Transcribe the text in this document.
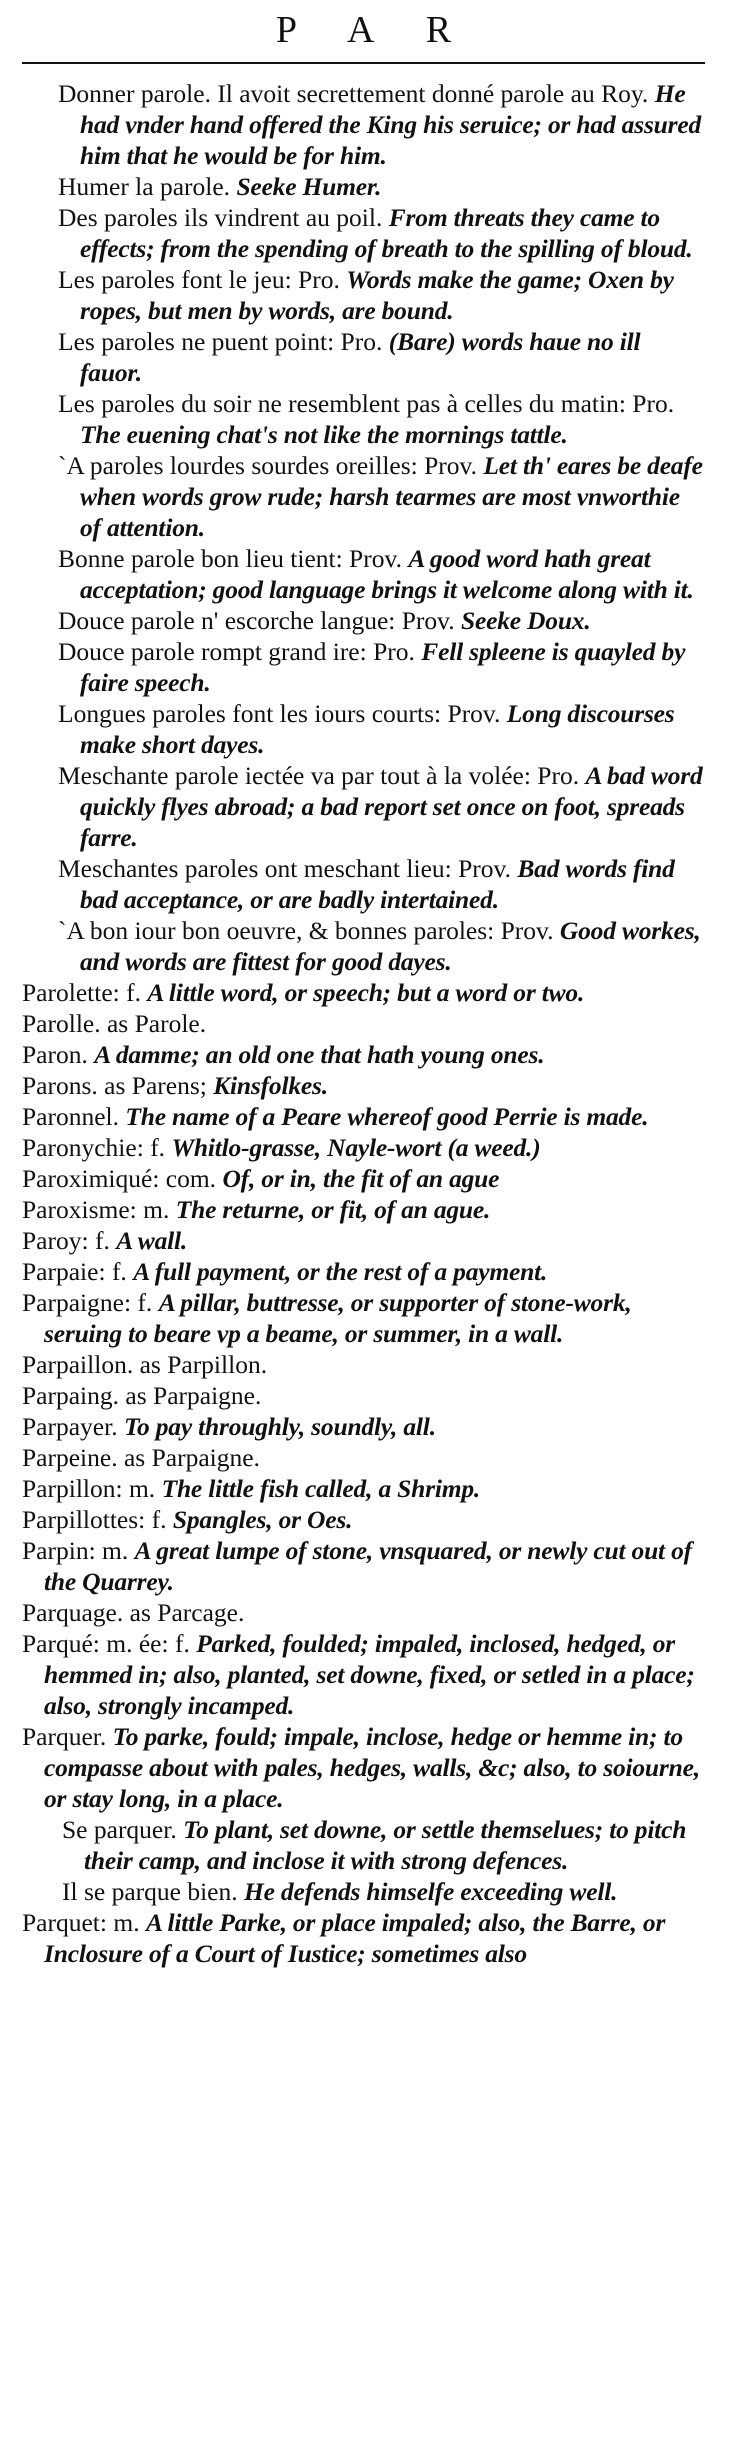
P A R
Donner parole. Il avoit secrettement donné parole au Roy. He had vnder hand offered the King his seruice; or had assured him that he would be for him.
Humer la parole. Seeke Humer.
Des paroles ils vindrent au poil. From threats they came to effects; from the spending of breath to the spilling of bloud.
Les paroles font le jeu: Pro. Words make the game; Oxen by ropes, but men by words, are bound.
Les paroles ne puent point: Pro. (Bare) words haue no ill fauor.
Les paroles du soir ne resemblent pas à celles du matin: Pro. The euening chat's not like the mornings tattle.
`A paroles lourdes sourdes oreilles: Prov. Let th' eares be deafe when words grow rude; harsh tearmes are most vnworthie of attention.
Bonne parole bon lieu tient: Prov. A good word hath great acceptation; good language brings it welcome along with it.
Douce parole n' escorche langue: Prov. Seeke Doux.
Douce parole rompt grand ire: Pro. Fell spleene is quayled by faire speech.
Longues paroles font les iours courts: Prov. Long discourses make short dayes.
Meschante parole iectée va par tout à la volée: Pro. A bad word quickly flyes abroad; a bad report set once on foot, spreads farre.
Meschantes paroles ont meschant lieu: Prov. Bad words find bad acceptance, or are badly intertained.
`A bon iour bon oeuvre, & bonnes paroles: Prov. Good workes, and words are fittest for good dayes.
Parolette: f. A little word, or speech; but a word or two.
Parolle. as Parole.
Paron. A damme; an old one that hath young ones.
Parons. as Parens; Kinsfolkes.
Paronnel. The name of a Peare whereof good Perrie is made.
Paronychie: f. Whitlo-grasse, Nayle-wort (a weed.)
Paroximiqué: com. Of, or in, the fit of an ague
Paroxisme: m. The returne, or fit, of an ague.
Paroy: f. A wall.
Parpaie: f. A full payment, or the rest of a payment.
Parpaigne: f. A pillar, buttresse, or supporter of stone-work, seruing to beare vp a beame, or summer, in a wall.
Parpaillon. as Parpillon.
Parpaing. as Parpaigne.
Parpayer. To pay throughly, soundly, all.
Parpeine. as Parpaigne.
Parpillon: m. The little fish called, a Shrimp.
Parpillottes: f. Spangles, or Oes.
Parpin: m. A great lumpe of stone, vnsquared, or newly cut out of the Quarrey.
Parquage. as Parcage.
Parqué: m. ée: f. Parked, foulded; impaled, inclosed, hedged, or hemmed in; also, planted, set downe, fixed, or setled in a place; also, strongly incamped.
Parquer. To parke, fould; impale, inclose, hedge or hemme in; to compasse about with pales, hedges, walls, &c; also, to soiourne, or stay long, in a place.
Se parquer. To plant, set downe, or settle themselues; to pitch their camp, and inclose it with strong defences.
Il se parque bien. He defends himselfe exceeding well.
Parquet: m. A little Parke, or place impaled; also, the Barre, or Inclosure of a Court of Iustice; sometimes also
